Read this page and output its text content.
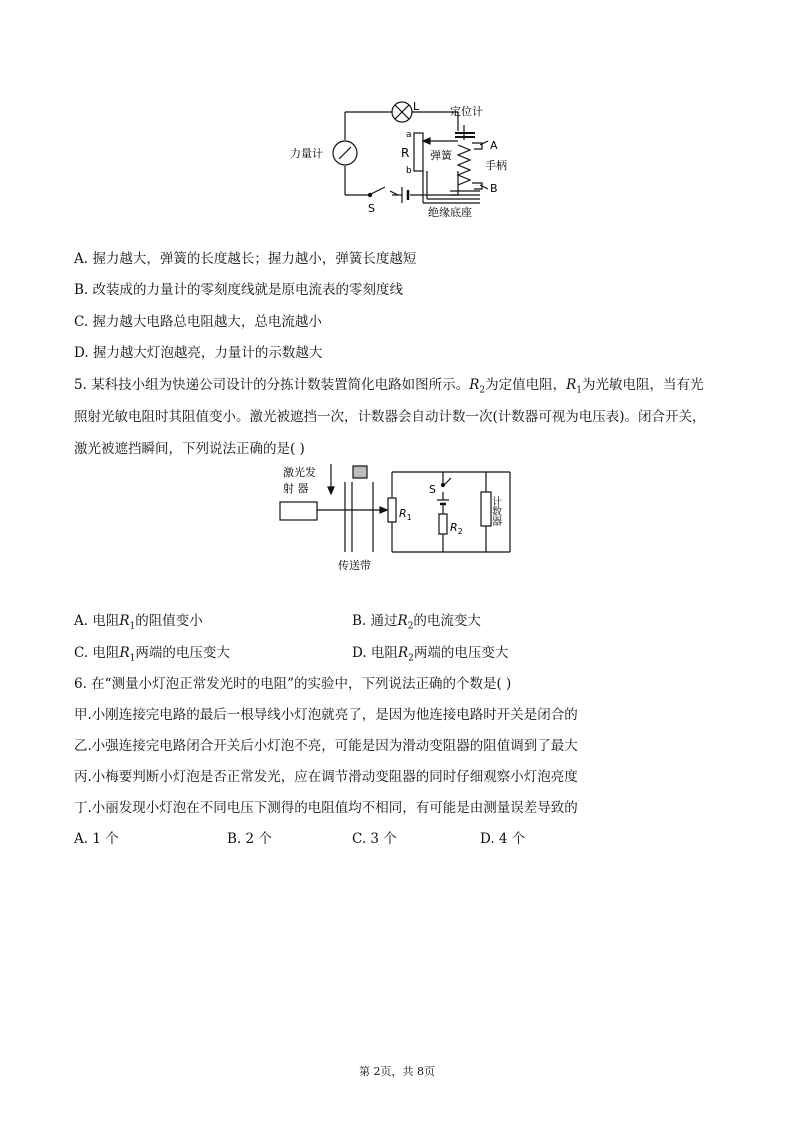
L	定位计
a
R
b
弹簧
力量计
A
手柄
B
S	绝缘底座
A. 握力越大，弹簧的长度越长；握力越小，弹簧长度越短
B. 改装成的力量计的零刻度线就是原电流表的零刻度线
C. 握力越大电路总电阻越大，总电流越小
D. 握力越大灯泡越亮，力量计的示数越大
5. 某科技小组为快递公司设计的分拣计数装置简化电路如图所示。$R_2$为定值电阻，$R_1$为光敏电阻，当有光
照射光敏电阻时其阻值变小。激光被遮挡一次，计数器会自动计数一次(计数器可视为电压表)。闭合开关，
激光被遮挡瞬间，下列说法正确的是( )
激光发
射 器
传送带
S
$R_1$
$R_2$
计数器
A. 电阻$R_1$的阻值变小	B. 通过$R_2$的电流变大
C. 电阻$R_1$两端的电压变大	D. 电阻$R_2$两端的电压变大
6. 在“测量小灯泡正常发光时的电阻”的实验中，下列说法正确的个数是( )
甲.小刚连接完电路的最后一根导线小灯泡就亮了，是因为他连接电路时开关是闭合的
乙.小强连接完电路闭合开关后小灯泡不亮，可能是因为滑动变阻器的阻值调到了最大
丙.小梅要判断小灯泡是否正常发光，应在调节滑动变阻器的同时仔细观察小灯泡亮度
丁.小丽发现小灯泡在不同电压下测得的电阻值均不相同，有可能是由测量误差导致的
A. 1 个	B. 2 个	C. 3 个	D. 4 个
第 2页，共 8页
